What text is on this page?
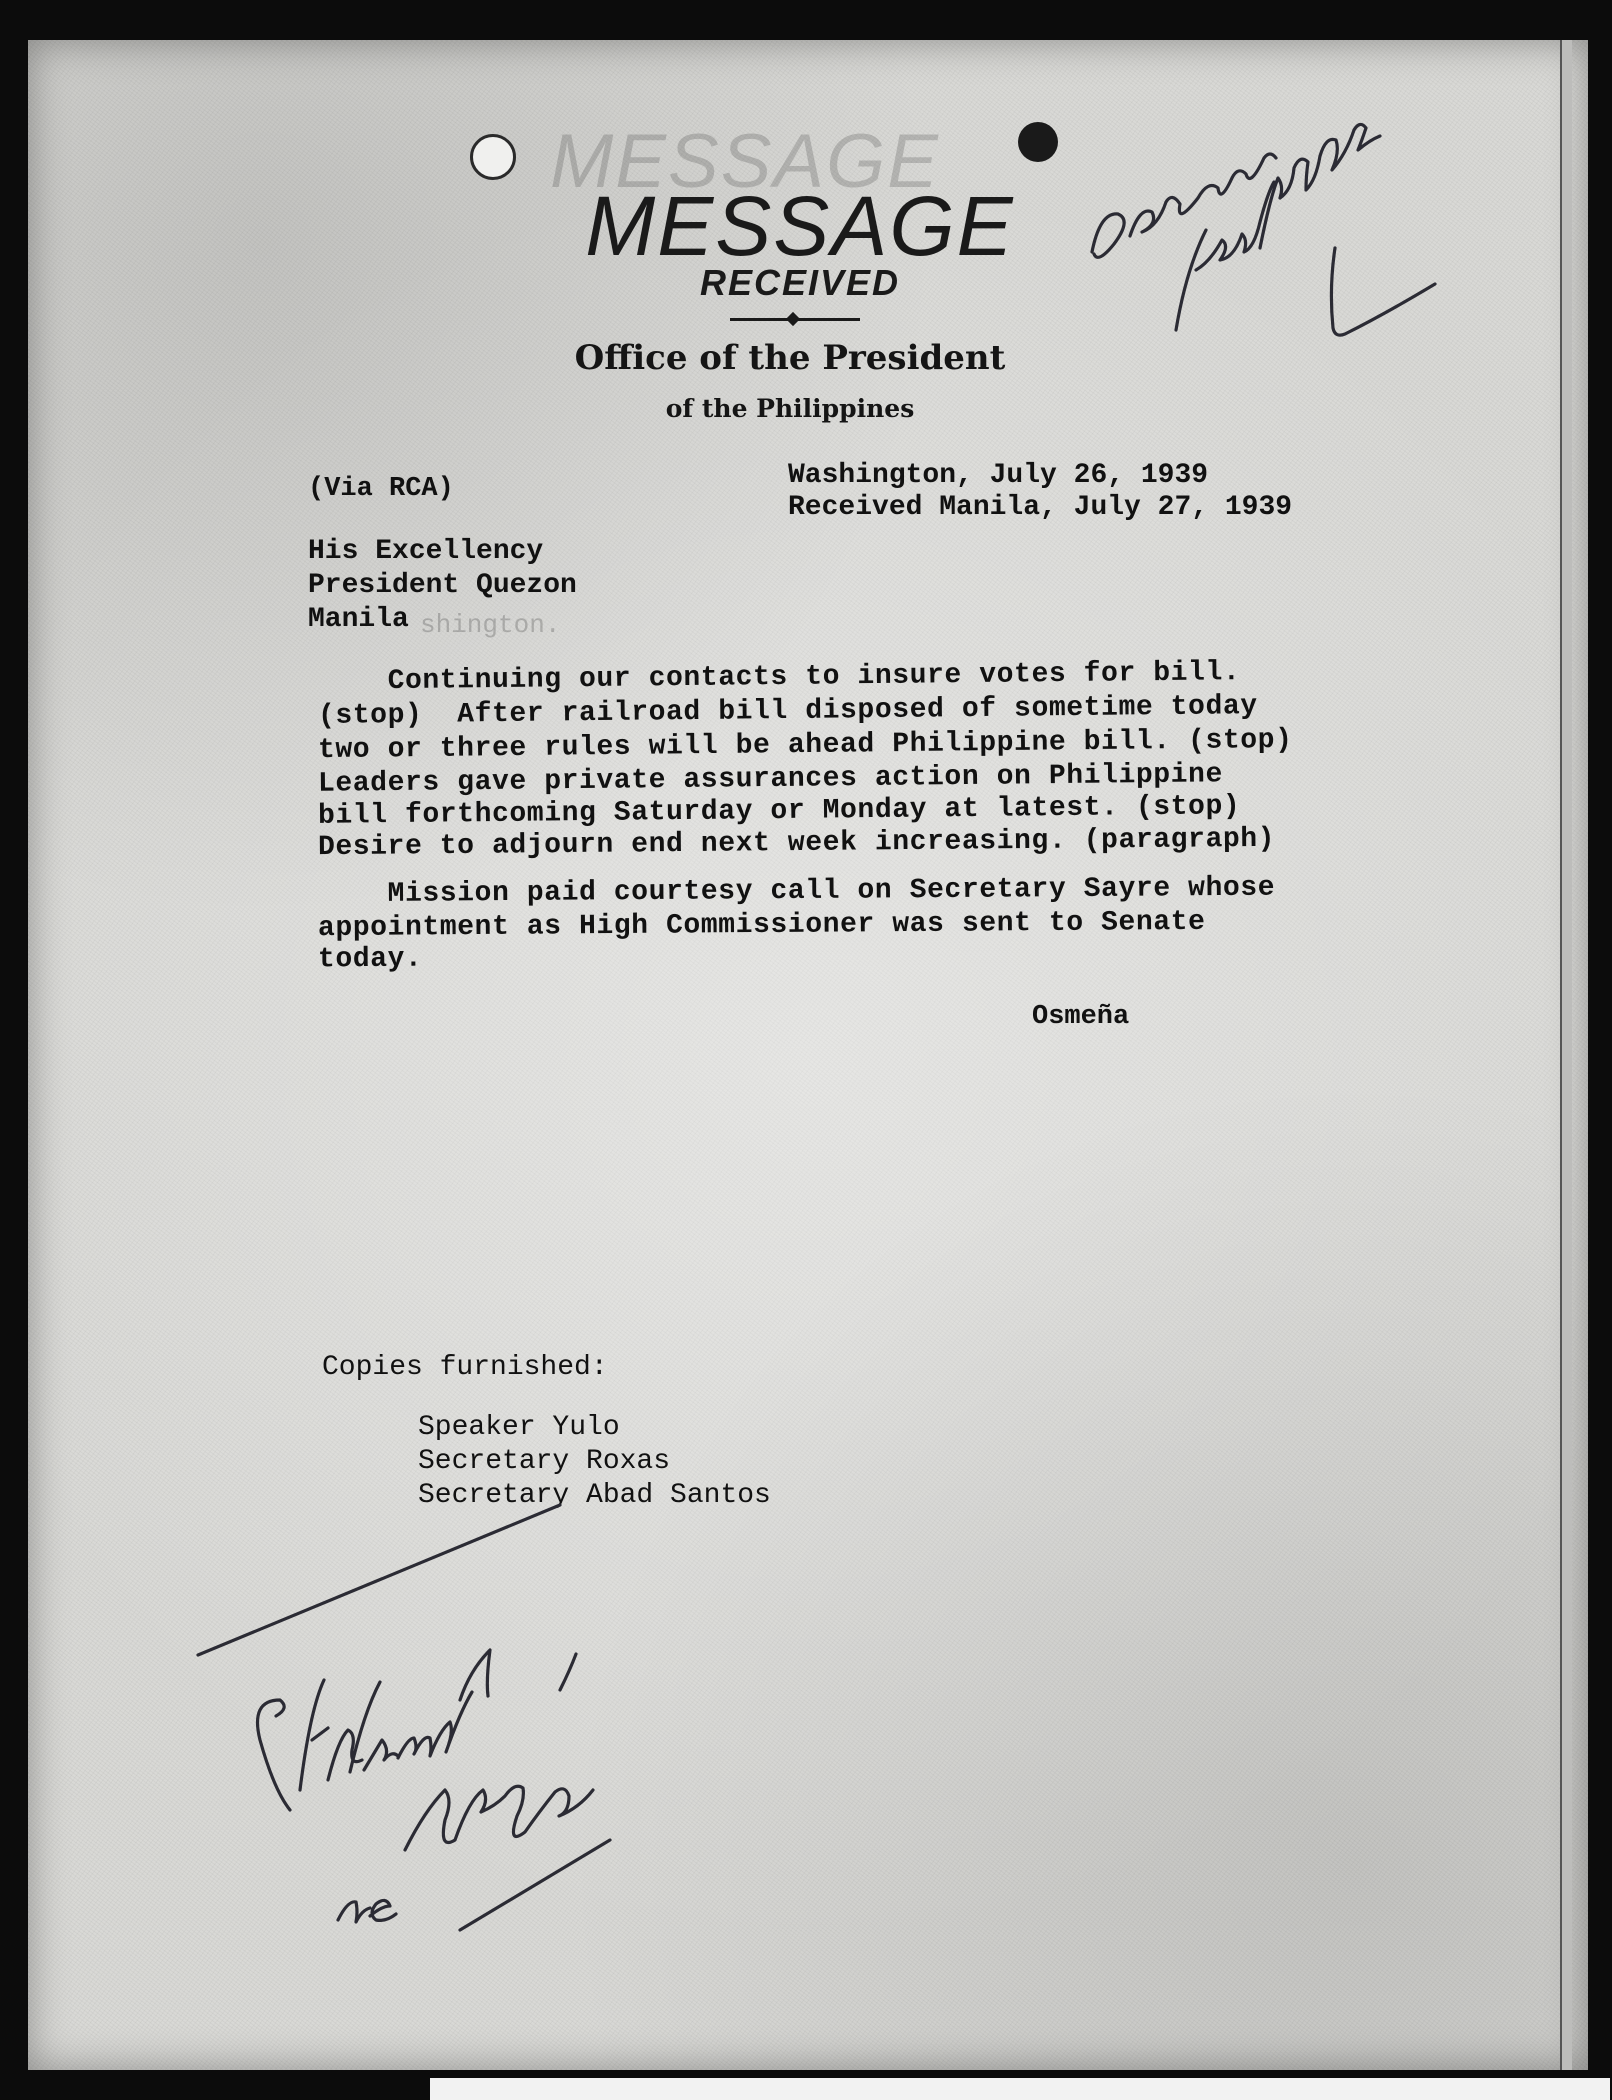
MESSAGE
MESSAGE
RECEIVED
Office of the President
of the Philippines
(Via RCA)	Washington, July 26, 1939
Received Manila, July 27, 1939
His Excellency
President Quezon
Manila shington.
Continuing our contacts to insure votes for bill.
(stop)  After railroad bill disposed of sometime today
two or three rules will be ahead Philippine bill. (stop)
Leaders gave private assurances action on Philippine
bill forthcoming Saturday or Monday at latest. (stop)
Desire to adjourn end next week increasing. (paragraph)
Mission paid courtesy call on Secretary Sayre whose
appointment as High Commissioner was sent to Senate
today.
Osmeña
Copies furnished:
Speaker Yulo
Secretary Roxas
Secretary Abad Santos
